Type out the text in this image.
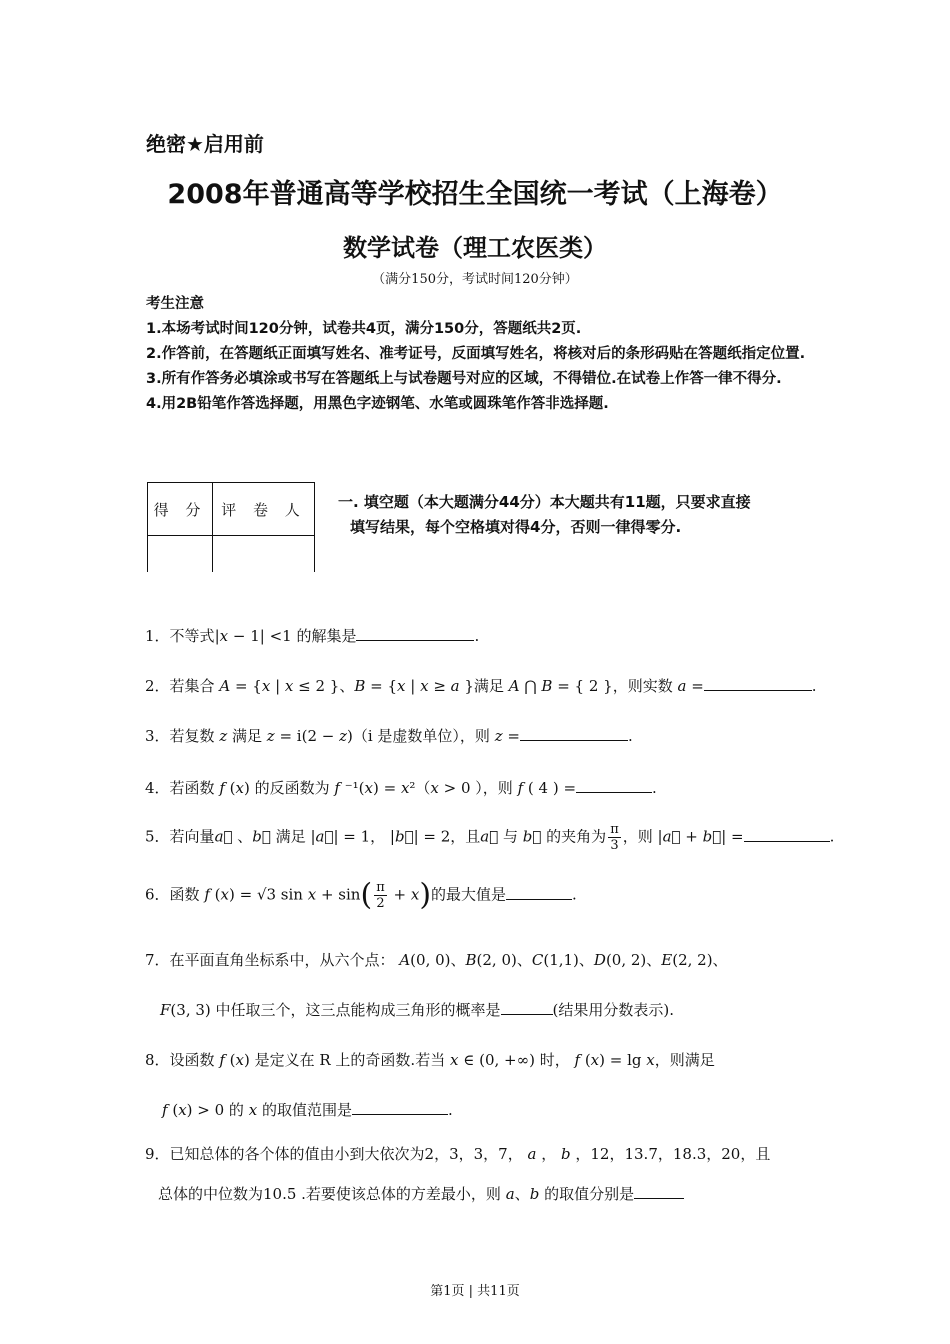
绝密★启用前
2008年普通高等学校招生全国统一考试（上海卷）
数学试卷（理工农医类）
（满分150分，考试时间120分钟）

考生注意

1.本场考试时间120分钟，试卷共4页，满分150分，答题纸共2页.

2.作答前，在答题纸正面填写姓名、准考证号，反面填写姓名，将核对后的条形码贴在答题纸指定位置.

3.所有作答务必填涂或书写在答题纸上与试卷题号对应的区域，不得错位.在试卷上作答一律不得分.

4.用2B铅笔作答选择题，用黑色字迹钢笔、水笔或圆珠笔作答非选择题.

得 分	评 卷 人
	一. 填空题（本大题满分44分）本大题共有11题，只要求直接
填写结果，每个空格填对得4分，否则一律得零分.
1．不等式|x − 1| <1 的解集是	.
2．若集合 A = {x | x ≤ 2 }、B = {x | x ≥ a }满足 A ⋂ B = { 2 }，则实数 a =	.
3．若复数 z 满足 z = i(2 − z)（i 是虚数单位），则 z =	.
4．若函数 f (x) 的反函数为 f ⁻¹(x) = x²（x > 0 ），则 f ( 4 ) =	.
5．若向量a⃗ 、b⃗ 满足 |a⃗| = 1， |b⃗| = 2，且a⃗ 与 b⃗ 的夹角为 $\frac{\pi}{3}$ ，则 |a⃗ + b⃗| =	.
6．函数 f (x) = √3 $\sin x + \sin( \frac{\pi}{2} + x)$的最大值是	.
7．在平面直角坐标系中，从六个点： A(0, 0)、B(2, 0)、C(1,1)、D(0, 2)、E(2, 2)、
F(3, 3) 中任取三个，这三点能构成三角形的概率是	(结果用分数表示).
8．设函数 f (x) 是定义在 R 上的奇函数.若当 x ∈ (0, +∞) 时， f (x) = lg x，则满足
f (x) > 0 的 x 的取值范围是	.
9．已知总体的各个体的值由小到大依次为2，3，3，7， a ， b ，12，13.7，18.3，20，且
总体的中位数为10.5 .若要使该总体的方差最小，则 a、b 的取值分别是
第1页 | 共11页
